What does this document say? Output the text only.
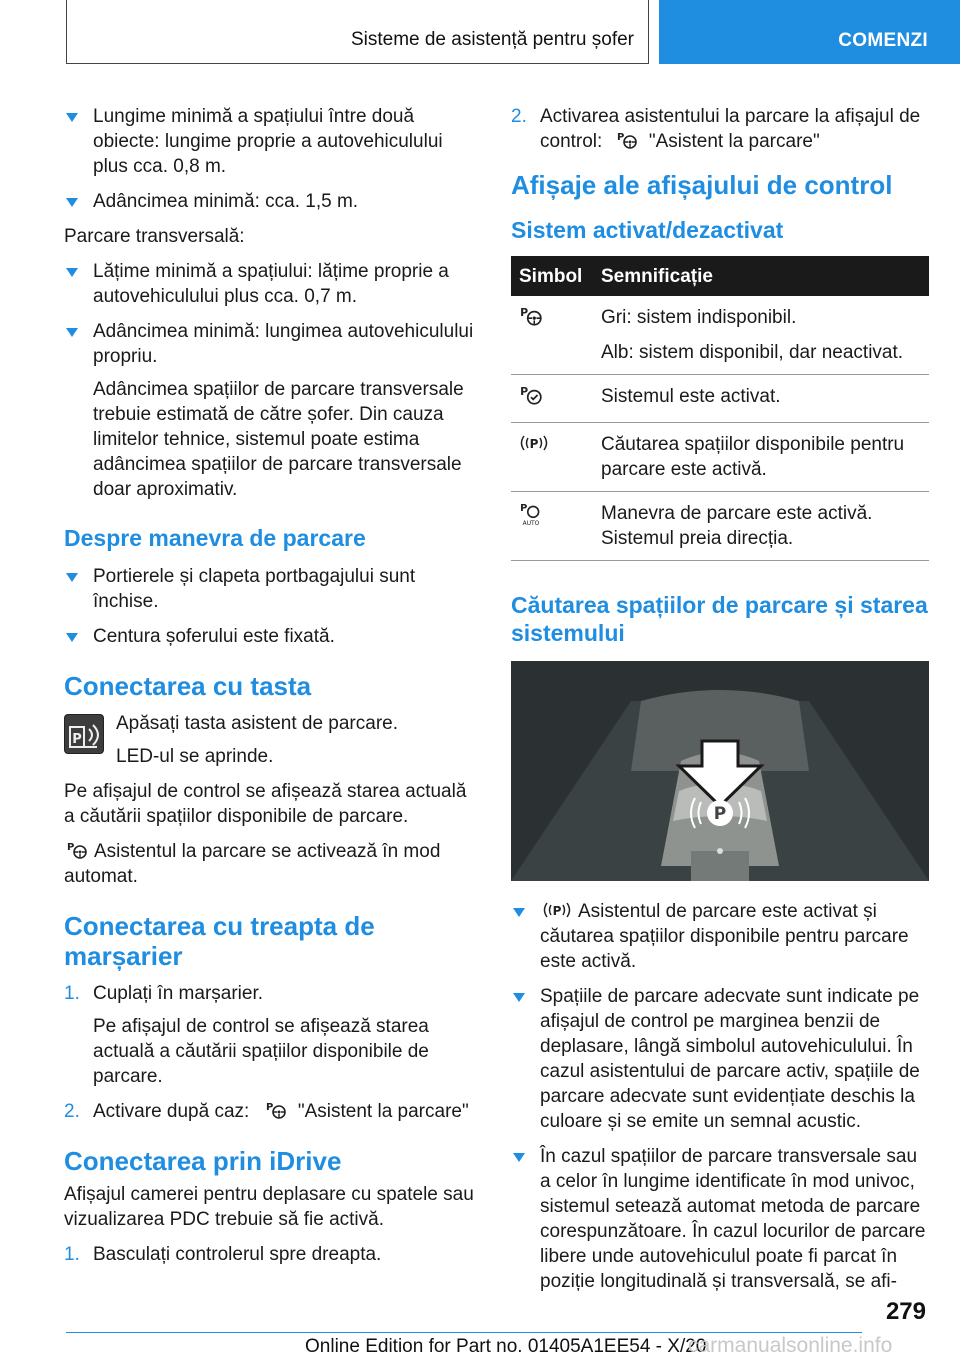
Sisteme de asistență pentru șofer	COMENZI
Lungime minimă a spațiului între două obiecte: lungime proprie a autovehiculului plus cca. 0,8 m.
Adâncimea minimă: cca. 1,5 m.
Parcare transversală:
Lățime minimă a spațiului: lățime proprie a autovehiculului plus cca. 0,7 m.
Adâncimea minimă: lungimea autovehiculului propriu.
Adâncimea spațiilor de parcare transversale trebuie estimată de către șofer. Din cauza limitelor tehnice, sistemul poate estima adâncimea spațiilor de parcare transversale doar aproximativ.
Despre manevra de parcare
Portierele și clapeta portbagajului sunt închise.
Centura șoferului este fixată.
Conectarea cu tasta
P
Apăsați tasta asistent de parcare.
LED-ul se aprinde.
Pe afișajul de control se afișează starea actuală a căutării spațiilor disponibile de parcare.
P Asistentul la parcare se activează în mod automat.
Conectarea cu treapta de marșarier
1. Cuplați în marșarier.
Pe afișajul de control se afișează starea actuală a căutării spațiilor disponibile de parcare.
2. Activare după caz: P "Asistent la parcare"
Conectarea prin iDrive
Afișajul camerei pentru deplasare cu spatele sau vizualizarea PDC trebuie să fie activă.
1. Basculați controlerul spre dreapta.
2. Activarea asistentului la parcare la afișajul de control: P "Asistent la parcare"
Afișaje ale afișajului de control
Sistem activat/dezactivat
Simbol	Semnificație

P	Gri: sistem indisponibil.

Alb: sistem disponibil, dar neactivat.

P	Sistemul este activat.

P	Căutarea spațiilor disponibile pentru parcare este activă.

P
AUTO	Manevra de parcare este activă. Sistemul preia direcția.
Căutarea spațiilor de parcare și starea sistemului
P
P Asistentul de parcare este activat și căutarea spațiilor disponibile pentru parcare este activă.
Spațiile de parcare adecvate sunt indicate pe afișajul de control pe marginea benzii de deplasare, lângă simbolul autovehiculului. În cazul asistentului de parcare activ, spațiile de parcare adecvate sunt evidențiate deschis la culoare și se emite un semnal acustic.
În cazul spațiilor de parcare transversale sau a celor în lungime identificate în mod univoc, sistemul setează automat metoda de parcare corespunzătoare. În cazul locurilor de parcare libere unde autovehiculul poate fi parcat în poziție longitudinală și transversală, se afi-
279
Online Edition for Part no. 01405A1EE54 - X/20
carmanualsonline.info
